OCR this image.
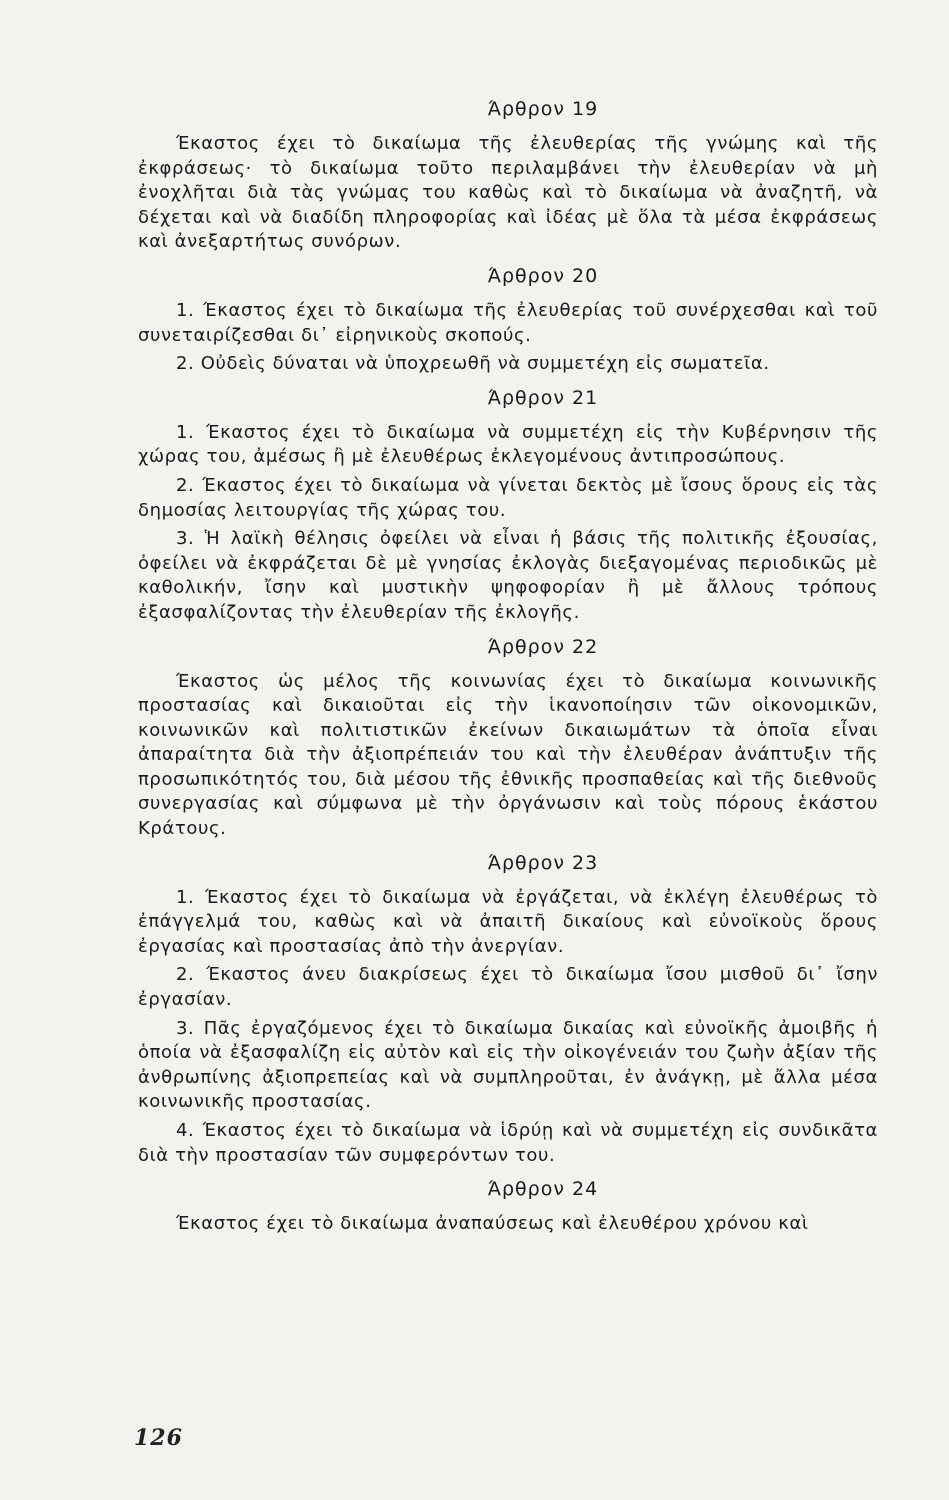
Άρθρον 19

Έκαστος έχει τὸ δικαίωμα τῆς ἐλευθερίας τῆς γνώμης καὶ τῆς ἐκφράσεως· τὸ δικαίωμα τοῦτο περιλαμβάνει τὴν ἐλευθερίαν νὰ μὴ ἐνοχλῆται διὰ τὰς γνώμας του καθὼς καὶ τὸ δικαίωμα νὰ ἀναζητῆ, νὰ δέχεται καὶ νὰ διαδίδη πληροφορίας καὶ ἰδέας μὲ ὅλα τὰ μέσα ἐκφράσεως καὶ ἀνεξαρτήτως συνόρων.

Άρθρον 20

1. Έκαστος έχει τὸ δικαίωμα τῆς ἐλευθερίας τοῦ συνέρχεσθαι καὶ τοῦ συνεταιρίζεσθαι δι᾽ εἰρηνικοὺς σκοπούς.

2. Οὐδεὶς δύναται νὰ ὑποχρεωθῆ νὰ συμμετέχη εἰς σωματεῖα.

Άρθρον 21

1. Έκαστος έχει τὸ δικαίωμα νὰ συμμετέχη εἰς τὴν Κυβέρνησιν τῆς χώρας του, ἀμέσως ἢ μὲ ἐλευθέρως ἐκλεγομένους ἀντιπροσώπους.

2. Έκαστος έχει τὸ δικαίωμα νὰ γίνεται δεκτὸς μὲ ἴσους ὅρους εἰς τὰς δημοσίας λειτουργίας τῆς χώρας του.

3. Ἡ λαϊκὴ θέλησις ὀφείλει νὰ εἶναι ἡ βάσις τῆς πολιτικῆς ἐξουσίας, ὀφείλει νὰ ἐκφράζεται δὲ μὲ γνησίας ἐκλογὰς διεξαγομένας περιοδικῶς μὲ καθολικήν, ἴσην καὶ μυστικὴν ψηφοφορίαν ἢ μὲ ἄλλους τρόπους ἐξασφαλίζοντας τὴν ἐλευθερίαν τῆς ἐκλογῆς.

Άρθρον 22

Έκαστος ὡς μέλος τῆς κοινωνίας έχει τὸ δικαίωμα κοινωνικῆς προστασίας καὶ δικαιοῦται εἰς τὴν ἱκανοποίησιν τῶν οἰκονομικῶν, κοινωνικῶν καὶ πολιτιστικῶν ἐκείνων δικαιωμάτων τὰ ὁποῖα εἶναι ἀπαραίτητα διὰ τὴν ἀξιοπρέπειάν του καὶ τὴν ἐλευθέραν ἀνάπτυξιν τῆς προσωπικότητός του, διὰ μέσου τῆς ἐθνικῆς προσπαθείας καὶ τῆς διεθνοῦς συνεργασίας καὶ σύμφωνα μὲ τὴν ὀργάνωσιν καὶ τοὺς πόρους ἑκάστου Κράτους.

Άρθρον 23

1. Έκαστος έχει τὸ δικαίωμα νὰ ἐργάζεται, νὰ ἐκλέγη ἐλευθέρως τὸ ἐπάγγελμά του, καθὼς καὶ νὰ ἀπαιτῆ δικαίους καὶ εὐνοϊκοὺς ὅρους ἐργασίας καὶ προστασίας ἀπὸ τὴν ἀνεργίαν.

2. Έκαστος άνευ διακρίσεως έχει τὸ δικαίωμα ἴσου μισθοῦ δι᾽ ἴσην ἐργασίαν.

3. Πᾶς ἐργαζόμενος έχει τὸ δικαίωμα δικαίας καὶ εὐνοϊκῆς ἀμοιβῆς ἡ ὁποία νὰ ἐξασφαλίζη εἰς αὐτὸν καὶ εἰς τὴν οἰκογένειάν του ζωὴν ἀξίαν τῆς ἀνθρωπίνης ἀξιοπρεπείας καὶ νὰ συμπληροῦται, ἐν ἀνάγκῃ, μὲ ἄλλα μέσα κοινωνικῆς προστασίας.

4. Έκαστος έχει τὸ δικαίωμα νὰ ἱδρύῃ καὶ νὰ συμμετέχη εἰς συνδικᾶτα διὰ τὴν προστασίαν τῶν συμφερόντων του.

Άρθρον 24

Έκαστος έχει τὸ δικαίωμα ἀναπαύσεως καὶ ἐλευθέρου χρόνου καὶ

126
